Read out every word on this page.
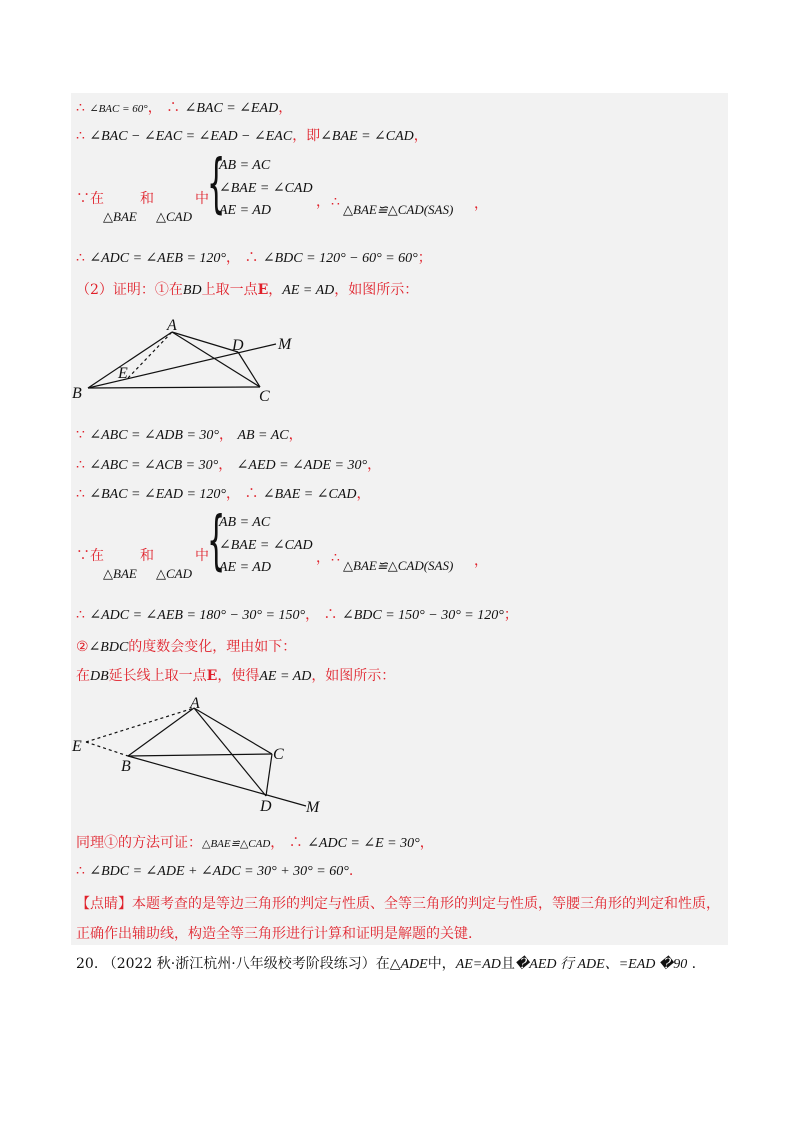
∴ ∠BAC = 60°， ∴ ∠BAC = ∠EAD，
∴ ∠BAC − ∠EAC = ∠EAD − ∠EAC，即∠BAE = ∠CAD，
∵在
△BAE
和
△CAD
中
{
AB = AC
∠BAE = ∠CAD
AE = AD
， ∴ △BAE≌△CAD(SAS) ，
∴ ∠ADC = ∠AEB = 120°， ∴ ∠BDC = 120° − 60° = 60°；
（2）证明：①在BD上取一点E，AE = AD，如图所示：
A
B	C
D
E
M
∵ ∠ABC = ∠ADB = 30°， AB = AC，
∴ ∠ABC = ∠ACB = 30°， ∠AED = ∠ADE = 30°，
∴ ∠BAC = ∠EAD = 120°， ∴ ∠BAE = ∠CAD，
∵在
△BAE
和
△CAD
中
{
AB = AC
∠BAE = ∠CAD
AE = AD
， ∴ △BAE≌△CAD(SAS) ，
∴ ∠ADC = ∠AEB = 180° − 30° = 150°， ∴ ∠BDC = 150° − 30° = 120°；
②∠BDC的度数会变化，理由如下：
在DB延长线上取一点E，使得AE = AD，如图所示：
A
B
C
D
E
M
同理①的方法可证：△BAE≌△CAD， ∴ ∠ADC = ∠E = 30°，
∴ ∠BDC = ∠ADE + ∠ADC = 30° + 30° = 60°.
【点睛】本题考查的是等边三角形的判定与性质、全等三角形的判定与性质，等腰三角形的判定和性质，
正确作出辅助线，构造全等三角形进行计算和证明是解题的关键.
20. （2022 秋·浙江杭州·八年级校考阶段练习）在△ADE中，AE=AD且�AED 行 ADE、=EAD �90 .
